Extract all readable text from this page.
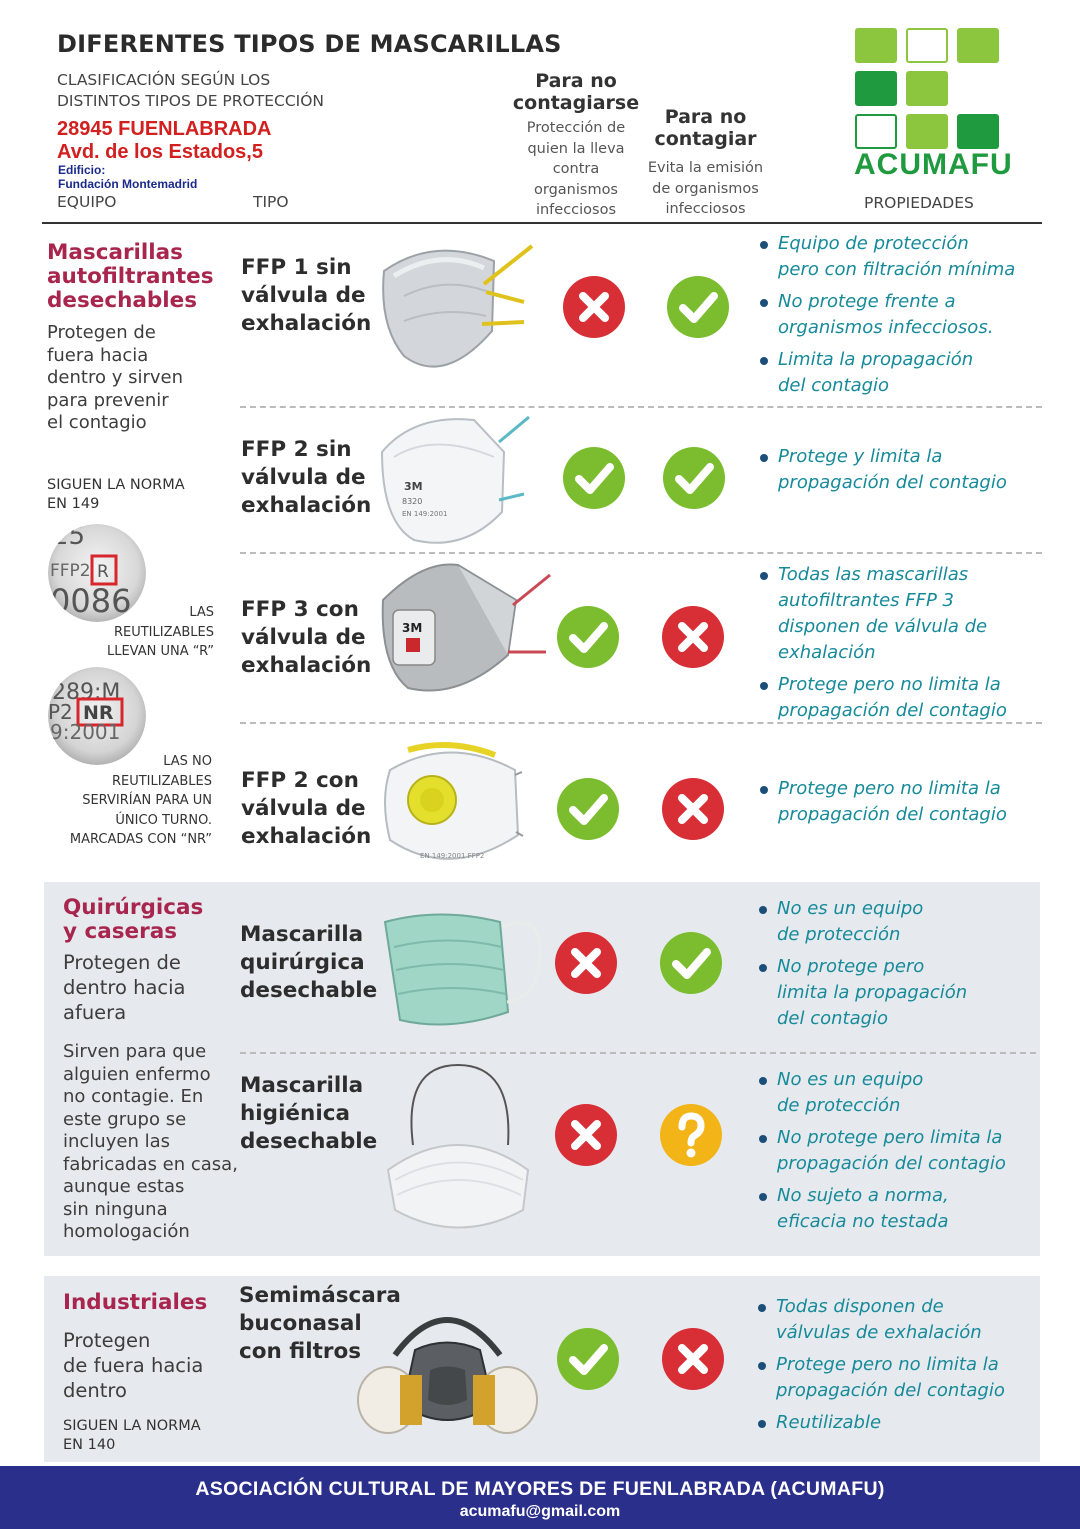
DIFERENTES TIPOS DE MASCARILLAS
CLASIFICACIÓN SEGÚN LOS
DISTINTOS TIPOS DE PROTECCIÓN
28945 FUENLABRADA
Avd. de los Estados,5
Edificio:
Fundación Montemadrid
EQUIPO	TIPO	PROPIEDADES
Para no
contagiarse
Protección de
quien la lleva
contra
organismos
infecciosos
Para no
contagiar
Evita la emisión
de organismos
infecciosos
ACUMAFU
Mascarillas
autofiltrantes
desechables
Protegen de
fuera hacia
dentro y sirven
para prevenir
el contagio
SIGUEN LA NORMA
EN 149
25
FFP2
0086
R
LAS
REUTILIZABLES
LLEVAN UNA “R”
289:M
P2 NR
9:2001
LAS NO
REUTILIZABLES
SERVIRÍAN PARA UN
ÚNICO TURNO.
MARCADAS CON “NR”
Quirúrgicas
y caseras
Protegen de
dentro hacia
afuera
Sirven para que
alguien enfermo
no contagie. En
este grupo se
incluyen las
fabricadas en casa,
aunque estas
sin ninguna
homologación
Industriales
Protegen
de fuera hacia
dentro
SIGUEN LA NORMA
EN 140
FFP 1 sin
válvula de
exhalación
Equipo de protección
pero con filtración mínima
No protege frente a
organismos infecciosos.
Limita la propagación
del contagio
FFP 2 sin
válvula de
exhalación
3M
8320
EN 149:2001
Protege y limita la
propagación del contagio
FFP 3 con
válvula de
exhalación
3M
Todas las mascarillas
autofiltrantes FFP 3
disponen de válvula de
exhalación
Protege pero no limita la
propagación del contagio
FFP 2 con
válvula de
exhalación
EN 149:2001 FFP2
Protege pero no limita la
propagación del contagio
Mascarilla
quirúrgica
desechable
No es un equipo
de protección
No protege pero
limita la propagación
del contagio
Mascarilla
higiénica
desechable
No es un equipo
de protección
No protege pero limita la
propagación del contagio
No sujeto a norma,
eficacia no testada
Semimáscara
buconasal
con filtros
Todas disponen de
válvulas de exhalación
Protege pero no limita la
propagación del contagio
Reutilizable
ASOCIACIÓN CULTURAL DE MAYORES DE FUENLABRADA (ACUMAFU)
acumafu@gmail.com
